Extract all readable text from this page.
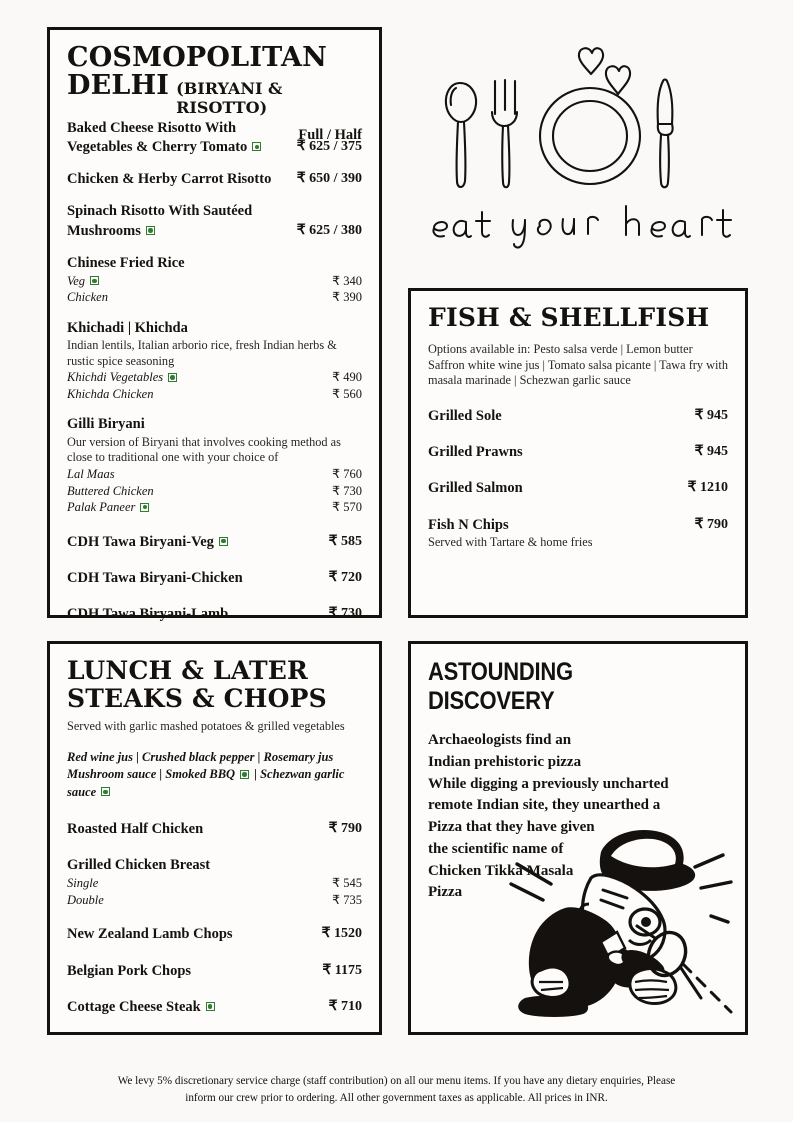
COSMOPOLITAN
DELHI (BIRYANI & RISOTTO)
Full / Half
Baked Cheese Risotto With
Vegetables & Cherry Tomato	₹ 625 / 375
Chicken & Herby Carrot Risotto ₹ 650 / 390
Spinach Risotto With Sautéed
Mushrooms	₹ 625 / 380
Chinese Fried Rice
Veg	₹ 340
Chicken	₹ 390
Khichadi | Khichda
Indian lentils, Italian arborio rice, fresh Indian herbs & rustic spice seasoning
Khichdi Vegetables	₹ 490
Khichda Chicken	₹ 560
Gilli Biryani
Our version of Biryani that involves cooking method as close to traditional one with your choice of
Lal Maas	₹ 760
Buttered Chicken	₹ 730
Palak Paneer	₹ 570
CDH Tawa Biryani-Veg	₹ 585
CDH Tawa Biryani-Chicken	₹ 720
CDH Tawa Biryani-Lamb	₹ 730
FISH & SHELLFISH
Options available in: Pesto salsa verde | Lemon butter Saffron white wine jus | Tomato salsa picante | Tawa fry with masala marinade | Schezwan garlic sauce
Grilled Sole	₹ 945
Grilled Prawns	₹ 945
Grilled Salmon	₹ 1210
Fish N Chips	₹ 790
Served with Tartare & home fries
LUNCH & LATER
STEAKS & CHOPS
Served with garlic mashed potatoes & grilled vegetables
Red wine jus | Crushed black pepper | Rosemary jus
Mushroom sauce | Smoked BBQ | Schezwan garlic sauce
Roasted Half Chicken	₹ 790
Grilled Chicken Breast
Single	₹ 545
Double	₹ 735
New Zealand Lamb Chops	₹ 1520
Belgian Pork Chops	₹ 1175
Cottage Cheese Steak	₹ 710
ASTOUNDING DISCOVERY
Archaeologists find an
Indian prehistoric pizza
While digging a previously uncharted
remote Indian site, they unearthed a
Pizza that they have given
the scientific name of
Chicken Tikka Masala
Pizza
We levy 5% discretionary service charge (staff contribution) on all our menu items. If you have any dietary enquiries, Please inform our crew prior to ordering. All other government taxes as applicable. All prices in INR.
